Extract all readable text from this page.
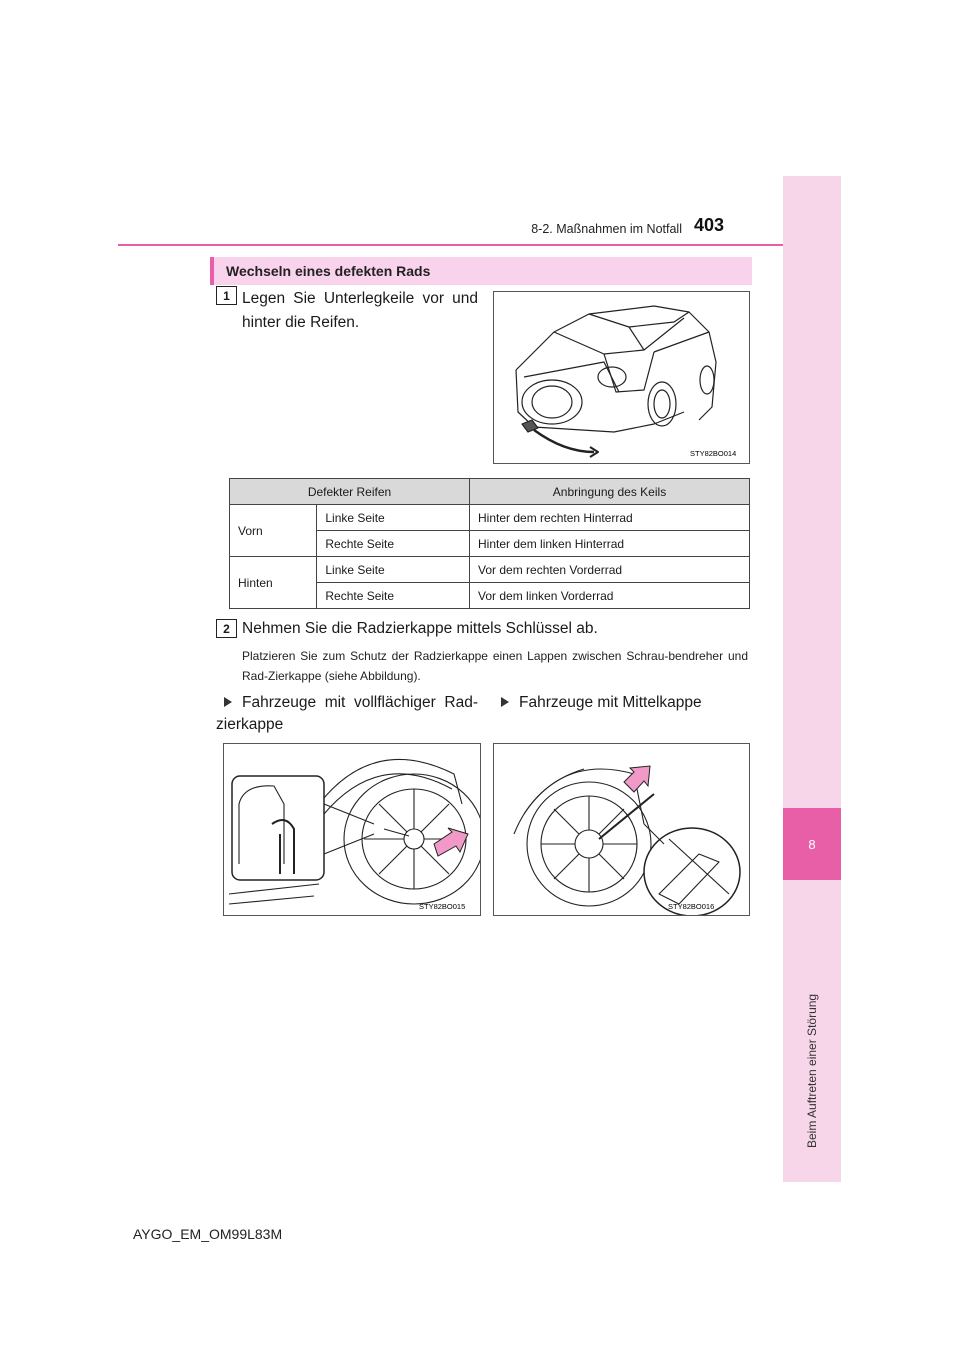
8
Beim Auftreten einer Störung
8-2. Maßnahmen im Notfall 403
Wechseln eines defekten Rads
1 Legen Sie Unterlegkeile vor und hinter die Reifen.
STY82BO014
Defekter Reifen		Anbringung des Keils
Vorn	Linke Seite	Hinter dem rechten Hinterrad
	Rechte Seite	Hinter dem linken Hinterrad
Hinten	Linke Seite	Vor dem rechten Vorderrad
	Rechte Seite	Vor dem linken Vorderrad
2 Nehmen Sie die Radzierkappe mittels Schlüssel ab.
Platzieren Sie zum Schutz der Radzierkappe einen Lappen zwischen Schrau-bendreher und Rad-Zierkappe (siehe Abbildung).
Fahrzeuge mit vollflächiger Rad-zierkappe
Fahrzeuge mit Mittelkappe
STY82BO015	STY82BO016
AYGO_EM_OM99L83M
